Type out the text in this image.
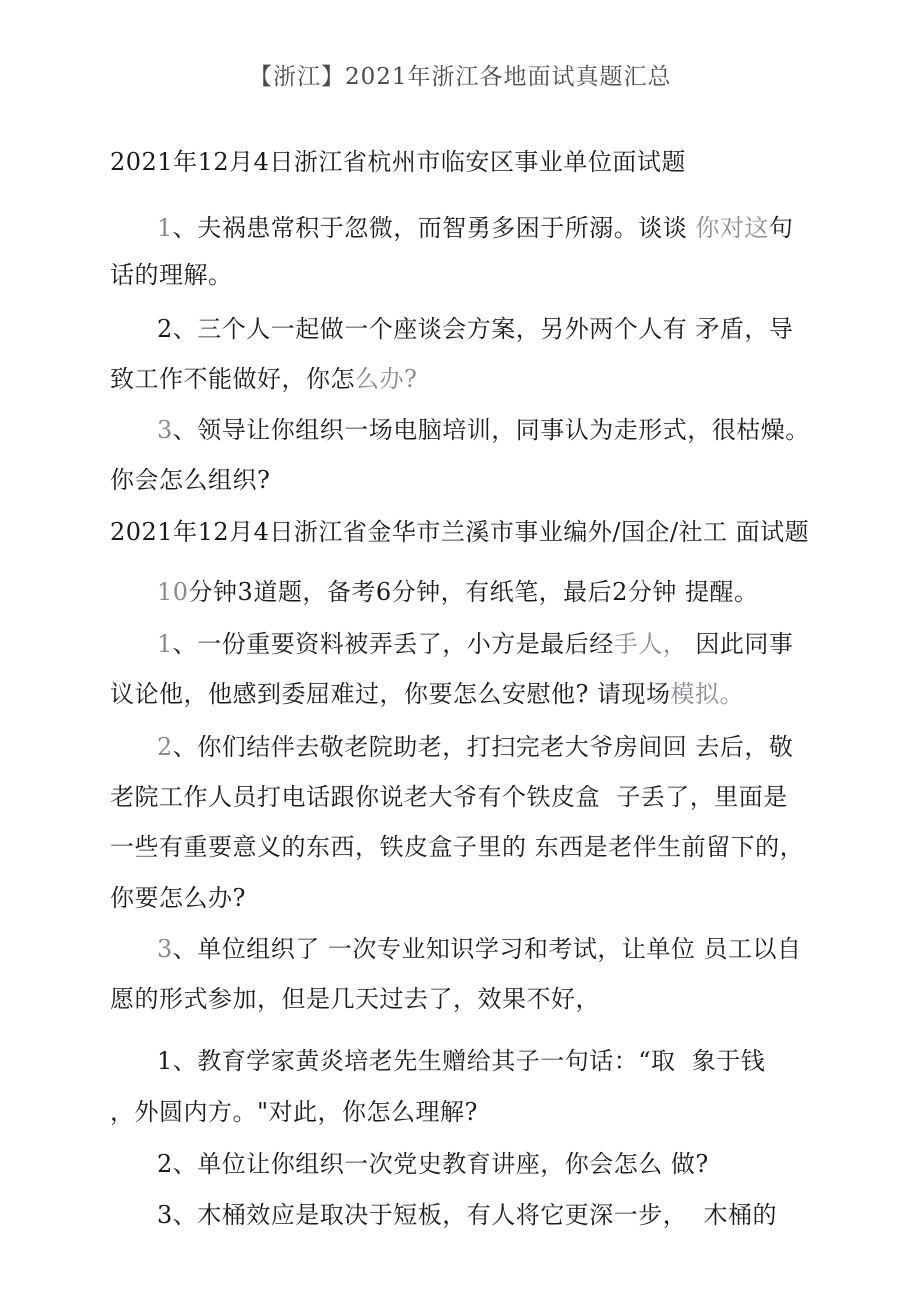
【浙江】2021年浙江各地面试真题汇总
2021年12月4日浙江省杭州市临安区事业单位面试题
1、夫祸患常积于忽微，而智勇多困于所溺。谈谈 你对这句
话的理解。
2、三个人一起做一个座谈会方案，另外两个人有 矛盾，导
致工作不能做好，你怎么办?
3、领导让你组织一场电脑培训，同事认为走形式，很枯燥。
你会怎么组织?
2021年12月4日浙江省金华市兰溪市事业编外/国企/社工 面试题
10分钟3道题，备考6分钟，有纸笔，最后2分钟 提醒。
1、一份重要资料被弄丢了，小方是最后经手人， 因此同事
议论他，他感到委屈难过，你要怎么安慰他? 请现场模拟。
2、你们结伴去敬老院助老，打扫完老大爷房间回 去后，敬
老院工作人员打电话跟你说老大爷有个铁皮盒  子丢了，里面是
一些有重要意义的东西，铁皮盒子里的 东西是老伴生前留下的，
你要怎么办?
3、单位组织了 一次专业知识学习和考试，让单位 员工以自
愿的形式参加，但是几天过去了，效果不好，
1、教育学家黄炎培老先生赠给其子一句话：“取  象于钱
，外圆内方。"对此，你怎么理解?
2、单位让你组织一次党史教育讲座，你会怎么 做?
3、木桶效应是取决于短板，有人将它更深一步，  木桶的
